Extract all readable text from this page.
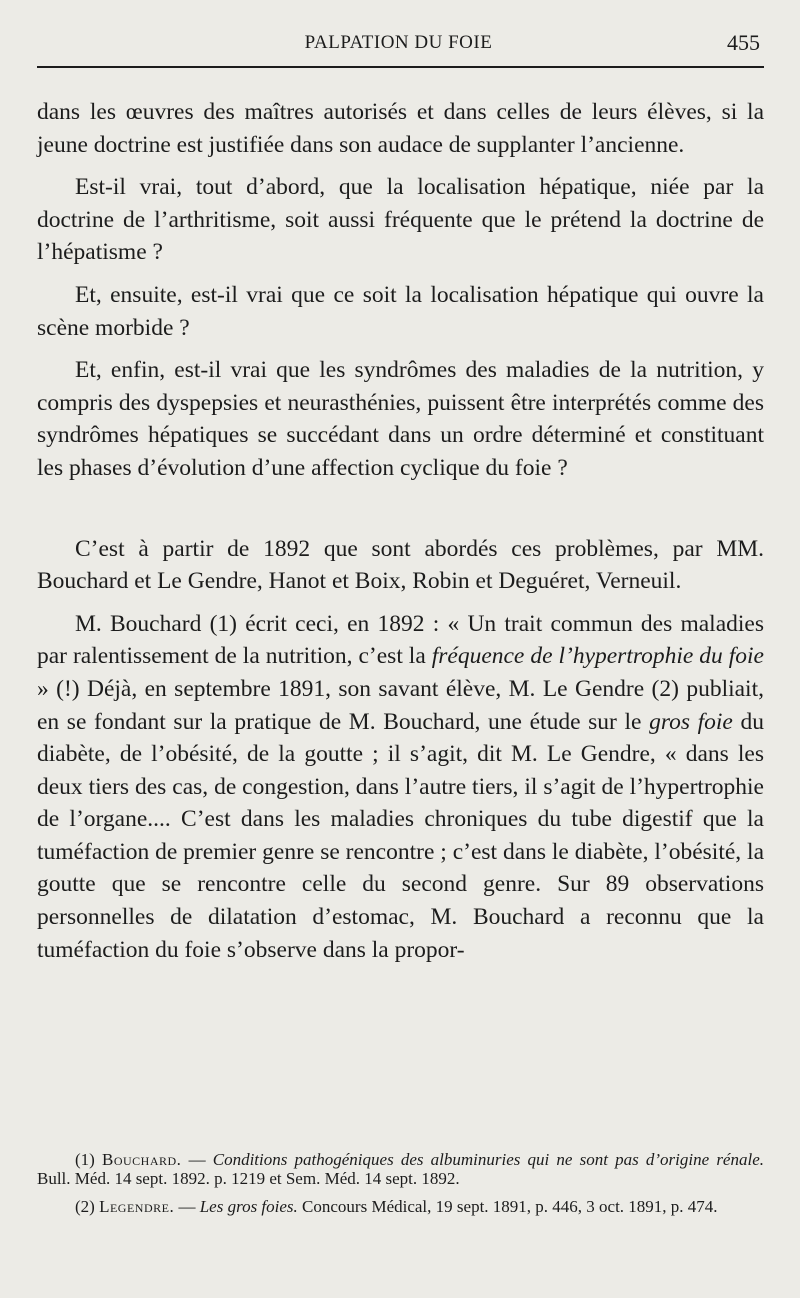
PALPATION DU FOIE	455

dans les œuvres des maîtres autorisés et dans celles de leurs élèves, si la jeune doctrine est justifiée dans son audace de supplanter l’ancienne.

Est-il vrai, tout d’abord, que la localisation hépatique, niée par la doctrine de l’arthritisme, soit aussi fréquente que le prétend la doctrine de l’hépatisme ?

Et, ensuite, est-il vrai que ce soit la localisation hépatique qui ouvre la scène morbide ?

Et, enfin, est-il vrai que les syndrômes des maladies de la nutrition, y compris des dyspepsies et neurasthénies, puissent être interprétés comme des syndrômes hépatiques se succédant dans un ordre déterminé et constituant les phases d’évolution d’une affection cyclique du foie ?

C’est à partir de 1892 que sont abordés ces problèmes, par MM. Bouchard et Le Gendre, Hanot et Boix, Robin et Deguéret, Verneuil.

M. Bouchard (1) écrit ceci, en 1892 : « Un trait commun des maladies par ralentissement de la nutrition, c’est la fréquence de l’hypertrophie du foie » (!) Déjà, en septembre 1891, son savant élève, M. Le Gendre (2) publiait, en se fondant sur la pratique de M. Bouchard, une étude sur le gros foie du diabète, de l’obésité, de la goutte ; il s’agit, dit M. Le Gendre, « dans les deux tiers des cas, de congestion, dans l’autre tiers, il s’agit de l’hypertrophie de l’organe.... C’est dans les maladies chroniques du tube digestif que la tuméfaction de premier genre se rencontre ; c’est dans le diabète, l’obésité, la goutte que se rencontre celle du second genre. Sur 89 observations personnelles de dilatation d’estomac, M. Bouchard a reconnu que la tuméfaction du foie s’observe dans la propor-

(1) Bouchard. — Conditions pathogéniques des albuminuries qui ne sont pas d’origine rénale. Bull. Méd. 14 sept. 1892. p. 1219 et Sem. Méd. 14 sept. 1892.

(2) Legendre. — Les gros foies. Concours Médical, 19 sept. 1891, p. 446, 3 oct. 1891, p. 474.
